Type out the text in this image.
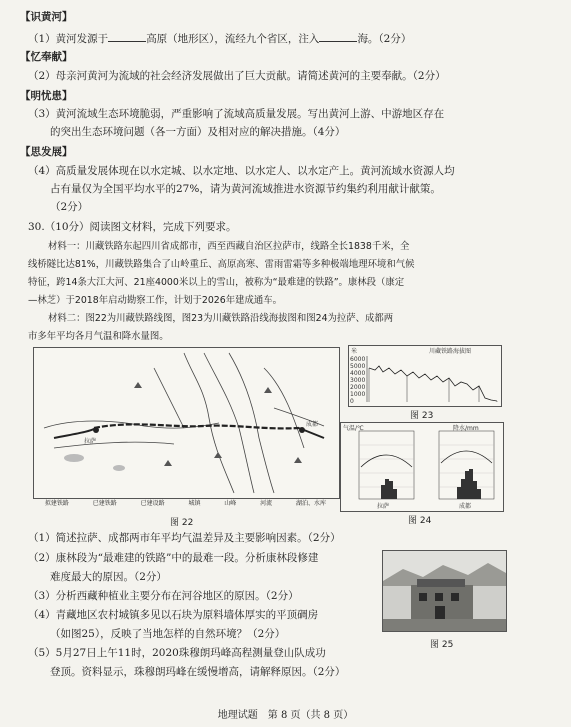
【识黄河】
（1）黄河发源于	高原（地形区），流经九个省区，注入	海。（2分）
【忆奉献】
（2）母亲河黄河为流域的社会经济发展做出了巨大贡献。请简述黄河的主要奉献。（2分）
【明忧患】
（3）黄河流域生态环境脆弱，严重影响了流域高质量发展。写出黄河上游、中游地区存在
的突出生态环境问题（各一方面）及相对应的解决措施。（4分）
【思发展】
（4）高质量发展体现在以水定城、以水定地、以水定人、以水定产上。黄河流域水资源人均
占有量仅为全国平均水平的27%，请为黄河流域推进水资源节约集约利用献计献策。
（2分）
30.（10分）阅读图文材料，完成下列要求。
材料一：川藏铁路东起四川省成都市，西至西藏自治区拉萨市，线路全长1838千米，全
线桥隧比达81%，川藏铁路集合了山岭重丘、高原高寒、雷雨雷霜等多种极端地理环境和气候
特征，跨14条大江大河、21座4000米以上的雪山，被称为“最难建的铁路”。康林段（康定
—林芝）于2018年启动勘察工作，计划于2026年建成通车。
材料二：图22为川藏铁路线图，图23为川藏铁路沿线海拔图和图24为拉萨、成都两
市多年平均各月气温和降水量图。
拉萨
成都
拟建铁路	已建铁路	已建设路	城镇	山峰	河流	湖泊、水库
图 22
米	川藏铁路海拔图
6000
5000
4000
3000
2000
1000
0
图 23
气温/℃	降水/mm
拉萨	成都
图 24
（1）简述拉萨、成都两市年平均气温差异及主要影响因素。（2分）
（2）康林段为“最难建的铁路”中的最难一段。分析康林段修建
难度最大的原因。（2分）
（3）分析西藏种植业主要分布在河谷地区的原因。（2分）
（4）青藏地区农村城镇多见以石块为原料墙体厚实的平顶碉房
（如图25），反映了当地怎样的自然环境？（2分）
（5）5月27日上午11时，2020珠穆朗玛峰高程测量登山队成功
登顶。资料显示，珠穆朗玛峰在缓慢增高，请解释原因。（2分）
图 25
地理试题　第 8 页（共 8 页）
